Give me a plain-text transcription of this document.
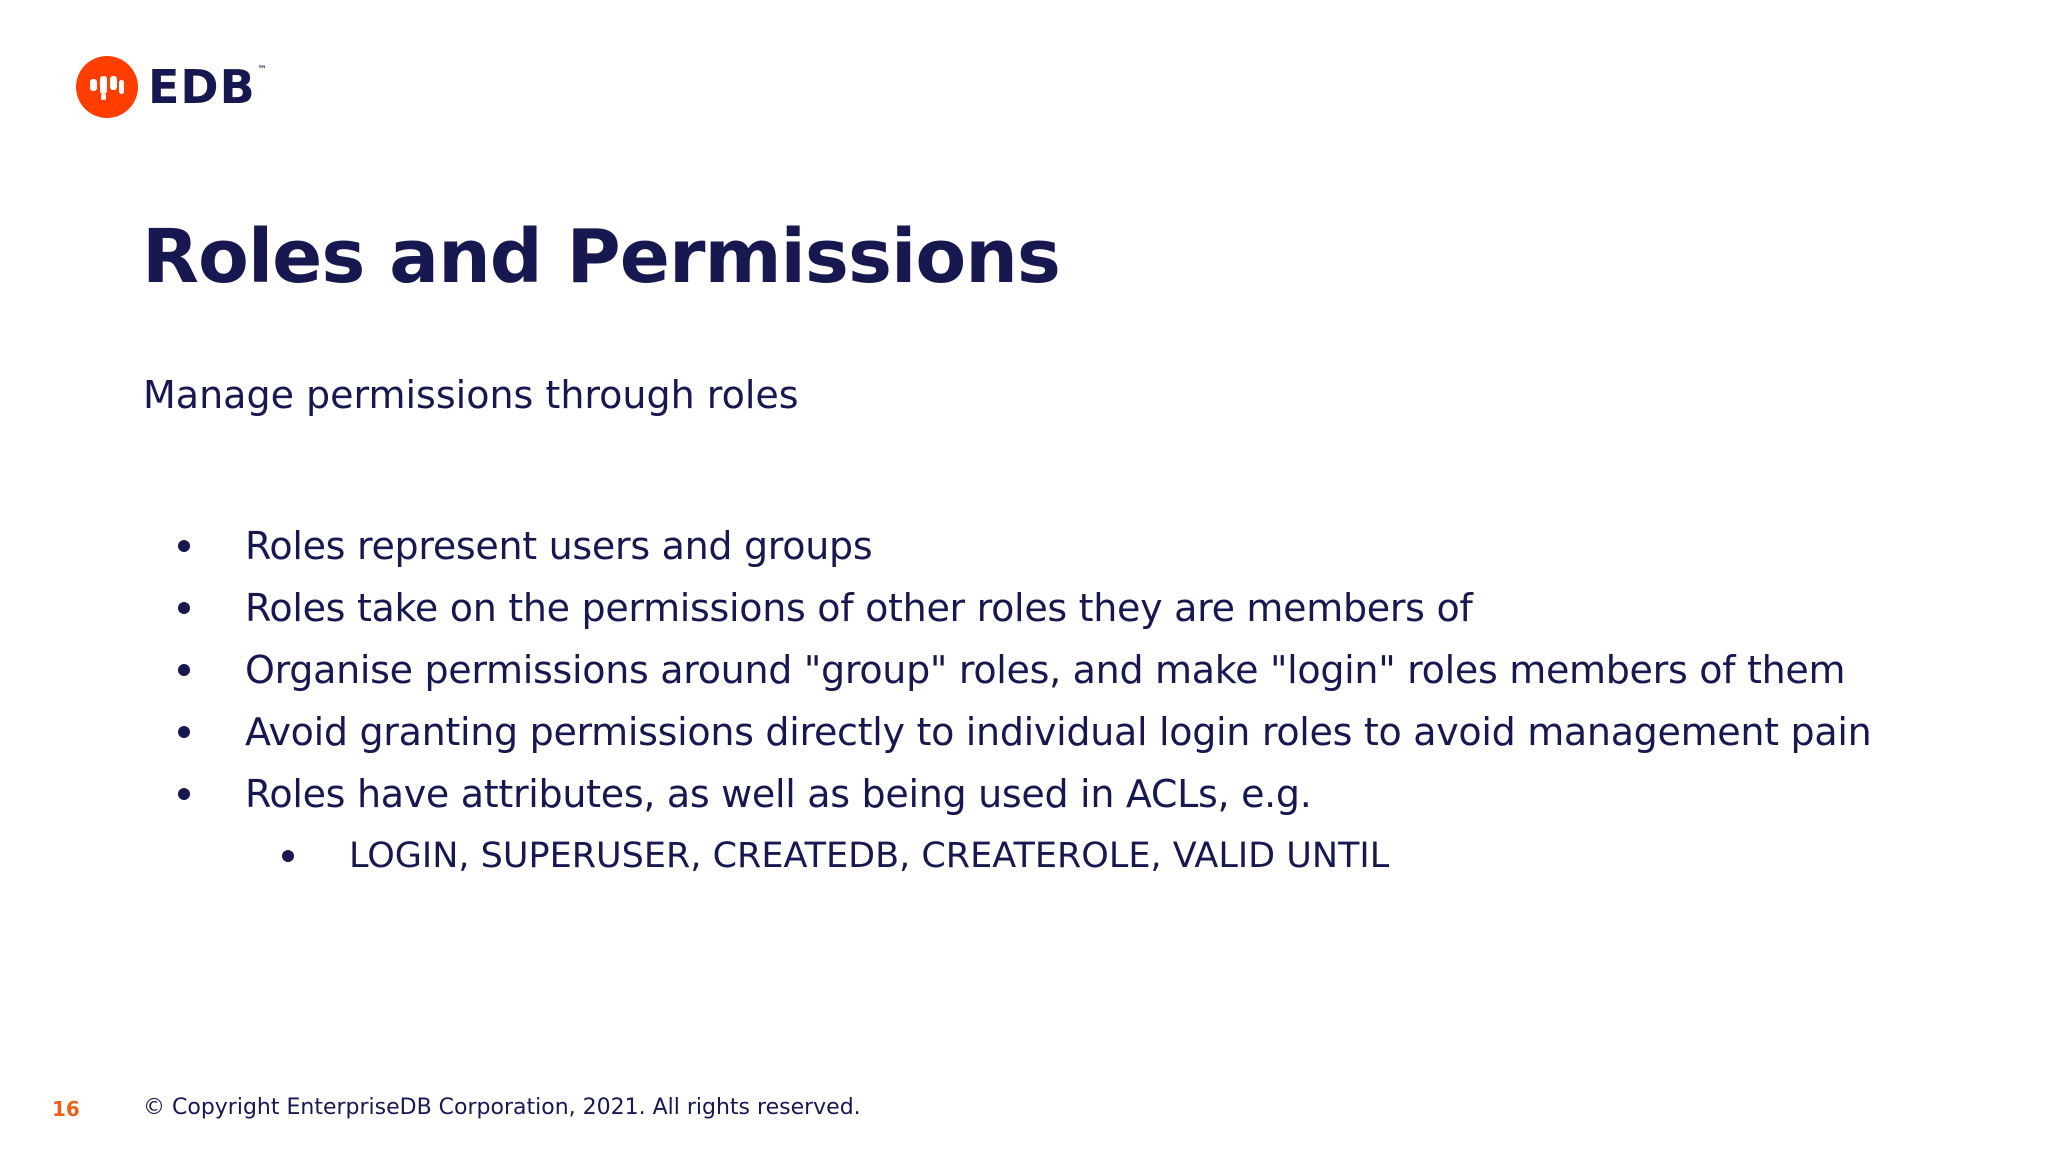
EDB ™
Roles and Permissions

Manage permissions through roles

Roles represent users and groups
Roles take on the permissions of other roles they are members of
Organise permissions around "group" roles, and make "login" roles members of them
Avoid granting permissions directly to individual login roles to avoid management pain
Roles have attributes, as well as being used in ACLs, e.g.
LOGIN, SUPERUSER, CREATEDB, CREATEROLE, VALID UNTIL
16	© Copyright EnterpriseDB Corporation, 2021. All rights reserved.
